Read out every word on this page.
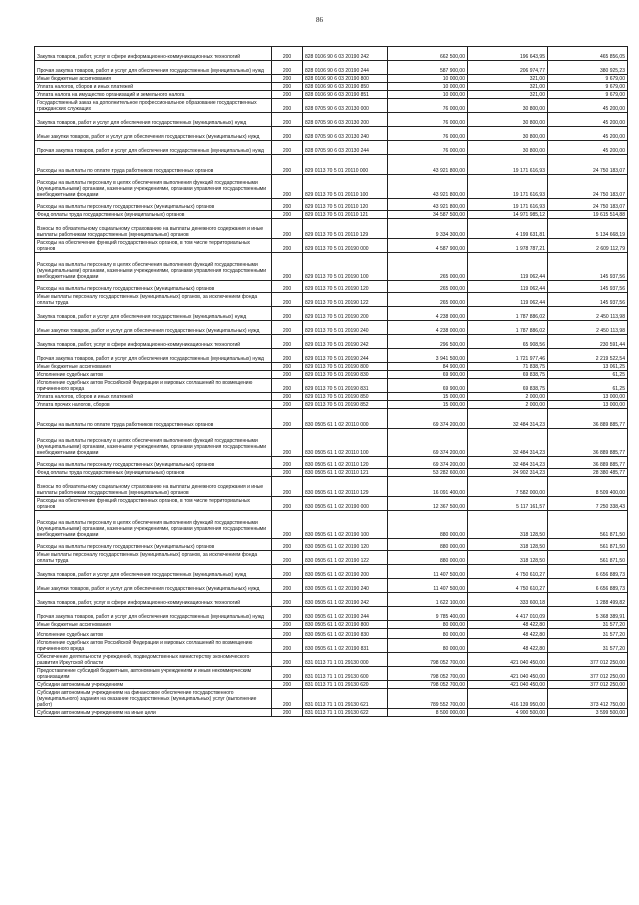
86
Закупка товаров, работ, услуг в сфере информационно-коммуникационных технологий	200	828 0106 90 6 03 20190 242	662 500,00	196 643,95	465 856,05
Прочая закупка товаров, работ и услуг для обеспечения государственных (муниципальных) нужд	200	828 0106 90 6 03 20190 244	587 900,00	206 974,77	380 925,23
Иные бюджетные ассигнования	200	828 0106 90 6 03 20190 800	10 000,00	321,00	9 679,00
Уплата налогов, сборов и иных платежей	200	828 0106 90 6 03 20190 850	10 000,00	321,00	9 679,00
Уплата налога на имущество организаций и земельного налога	200	828 0106 90 6 03 20190 851	10 000,00	321,00	9 679,00
Государственный заказ на дополнительное профессиональное образование государственных гражданских служащих	200	828 0705 90 6 03 20130 000	76 000,00	30 800,00	45 200,00
Закупка товаров, работ и услуг для обеспечения государственных (муниципальных) нужд	200	828 0705 90 6 03 20130 200	76 000,00	30 800,00	45 200,00
Иные закупки товаров, работ и услуг для обеспечения государственных (муниципальных) нужд	200	828 0705 90 6 03 20130 240	76 000,00	30 800,00	45 200,00
Прочая закупка товаров, работ и услуг для обеспечения государственных (муниципальных) нужд	200	828 0705 90 6 03 20130 244	76 000,00	30 800,00	45 200,00
Расходы на выплаты по оплате труда работников государственных органов	200	829 0113 70 5 01 20110 000	43 921 800,00	19 171 616,93	24 750 183,07
Расходы на выплаты персоналу в целях обеспечения выполнения функций государственными (муниципальными) органами, казенными учреждениями, органами управления государственными внебюджетными фондами	200	829 0113 70 5 01 20110 100	43 921 800,00	19 171 616,93	24 750 183,07
Расходы на выплаты персоналу государственных (муниципальных) органов	200	829 0113 70 5 01 20110 120	43 921 800,00	19 171 616,93	24 750 183,07
Фонд оплаты труда государственных (муниципальных) органов	200	829 0113 70 5 01 20110 121	34 587 500,00	14 971 985,12	19 615 514,88
Взносы по обязательному социальному страхованию на выплаты денежного содержания и иные выплаты работникам государственных (муниципальных) органов	200	829 0113 70 5 01 20110 129	9 334 300,00	4 199 631,81	5 134 668,19
Расходы на обеспечение функций государственных органов, в том числе территориальных органов	200	829 0113 70 5 01 20190 000	4 587 900,00	1 978 787,21	2 609 112,79
Расходы на выплаты персоналу в целях обеспечения выполнения функций государственными (муниципальными) органами, казенными учреждениями, органами управления государственными внебюджетными фондами	200	829 0113 70 5 01 20190 100	265 000,00	119 062,44	145 937,56
Расходы на выплаты персоналу государственных (муниципальных) органов	200	829 0113 70 5 01 20190 120	265 000,00	119 062,44	145 937,56
Иные выплаты персоналу государственных (муниципальных) органов, за исключением фонда оплаты труда	200	829 0113 70 5 01 20190 122	265 000,00	119 062,44	145 937,56
Закупка товаров, работ и услуг для обеспечения государственных (муниципальных) нужд	200	829 0113 70 5 01 20190 200	4 238 000,00	1 787 886,02	2 450 113,98
Иные закупки товаров, работ и услуг для обеспечения государственных (муниципальных) нужд	200	829 0113 70 5 01 20190 240	4 238 000,00	1 787 886,02	2 450 113,98
Закупка товаров, работ, услуг в сфере информационно-коммуникационных технологий	200	829 0113 70 5 01 20190 242	296 500,00	65 908,56	230 591,44
Прочая закупка товаров, работ и услуг для обеспечения государственных (муниципальных) нужд	200	829 0113 70 5 01 20190 244	3 941 500,00	1 721 977,46	2 219 522,54
Иные бюджетные ассигнования	200	829 0113 70 5 01 20190 800	84 900,00	71 838,75	13 061,25
Исполнение судебных актов	200	829 0113 70 5 01 20190 830	69 900,00	69 838,75	61,25
Исполнение судебных актов Российской Федерации и мировых соглашений по возмещению причиненного вреда	200	829 0113 70 5 01 20190 831	69 900,00	69 838,75	61,25
Уплата налогов, сборов и иных платежей	200	829 0113 70 5 01 20190 850	15 000,00	2 000,00	13 000,00
Уплата прочих налогов, сборов	200	829 0113 70 5 01 20190 852	15 000,00	2 000,00	13 000,00
Расходы на выплаты по оплате труда работников государственных органов	200	830 0505 61 1 02 20110 000	69 374 200,00	32 484 314,23	36 889 885,77
Расходы на выплаты персоналу в целях обеспечения выполнения функций государственными (муниципальными) органами, казенными учреждениями, органами управления государственными внебюджетными фондами	200	830 0505 61 1 02 20110 100	69 374 200,00	32 484 314,23	36 889 885,77
Расходы на выплаты персоналу государственных (муниципальных) органов	200	830 0505 61 1 02 20110 120	69 374 200,00	32 484 314,23	36 889 885,77
Фонд оплаты труда государственных (муниципальных) органов	200	830 0505 61 1 02 20110 121	53 282 600,00	24 902 314,23	28 380 485,77
Взносы по обязательному социальному страхованию на выплаты денежного содержания и иные выплаты работникам государственных (муниципальных) органов	200	830 0505 61 1 02 20110 129	16 091 400,00	7 582 000,00	8 509 400,00
Расходы на обеспечение функций государственных органов, в том числе территориальных органов	200	830 0505 61 1 02 20190 000	12 367 500,00	5 117 161,57	7 250 338,43
Расходы на выплаты персоналу в целях обеспечения выполнения функций государственными (муниципальными) органами, казенными учреждениями, органами управления государственными внебюджетными фондами	200	830 0505 61 1 02 20190 100	880 000,00	318 128,50	561 871,50
Расходы на выплаты персоналу государственных (муниципальных) органов	200	830 0505 61 1 02 20190 120	880 000,00	318 128,50	561 871,50
Иные выплаты персоналу государственных (муниципальных) органов, за исключением фонда оплаты труда	200	830 0505 61 1 02 20190 122	880 000,00	318 128,50	561 871,50
Закупка товаров, работ и услуг для обеспечения государственных (муниципальных) нужд	200	830 0505 61 1 02 20190 200	11 407 500,00	4 750 610,27	6 656 889,73
Иные закупки товаров, работ и услуг для обеспечения государственных (муниципальных) нужд	200	830 0505 61 1 02 20190 240	11 407 500,00	4 750 610,27	6 656 889,73
Закупка товаров, работ, услуг в сфере информационно-коммуникационных технологий	200	830 0505 61 1 02 20190 242	1 622 100,00	333 600,18	1 288 499,82
Прочая закупка товаров, работ и услуг для обеспечения государственных (муниципальных) нужд	200	830 0505 61 1 02 20190 244	9 785 400,00	4 417 010,09	5 368 389,91
Иные бюджетные ассигнования	200	830 0505 61 1 02 20190 800	80 000,00	48 422,80	31 577,20
Исполнение судебных актов	200	830 0505 61 1 02 20190 830	80 000,00	48 422,80	31 577,20
Исполнение судебных актов Российской Федерации и мировых соглашений по возмещению причиненного вреда	200	830 0505 61 1 02 20190 831	80 000,00	48 422,80	31 577,20
Обеспечение деятельности учреждений, подведомственных министерству экономического развития Иркутской области	200	831 0113 71 1 01 29130 000	798 052 700,00	421 040 450,00	377 012 250,00
Предоставление субсидий бюджетным, автономным учреждениям и иным некоммерческим организациям	200	831 0113 71 1 01 29130 600	798 052 700,00	421 040 450,00	377 012 250,00
Субсидии автономным учреждениям	200	831 0113 71 1 01 29130 620	798 052 700,00	421 040 450,00	377 012 250,00
Субсидии автономным учреждениям на финансовое обеспечение государственного (муниципального) задания на оказание государственных (муниципальных) услуг (выполнение работ)	200	831 0113 71 1 01 29130 621	789 552 700,00	416 139 950,00	373 412 750,00
Субсидии автономным учреждениям на иные цели	200	831 0113 71 1 01 29130 622	8 500 000,00	4 900 500,00	3 599 500,00
